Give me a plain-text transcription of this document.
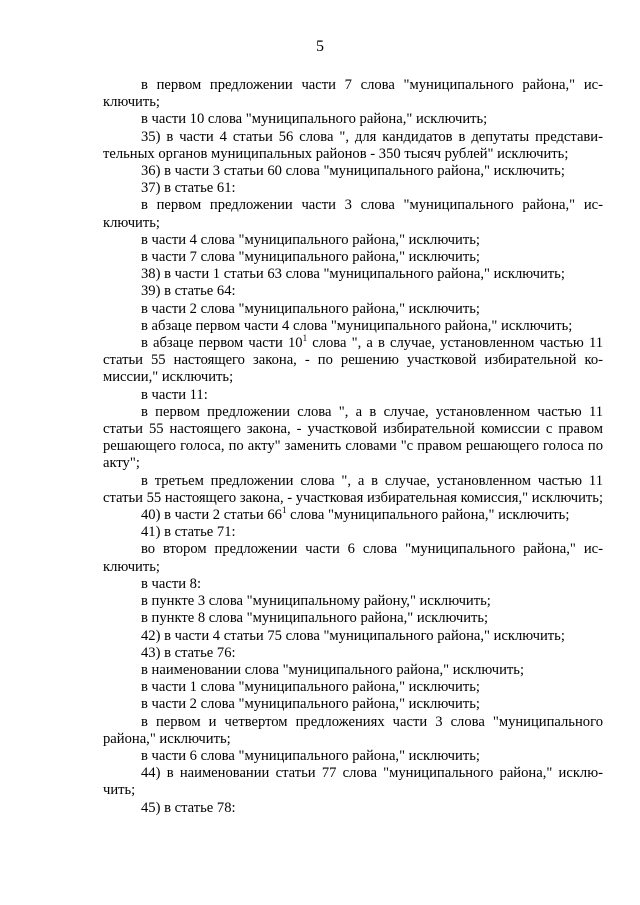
5

в первом предложении части 7 слова "муниципального района," исключить;

в части 10 слова "муниципального района," исключить;

35) в части 4 статьи 56 слова ", для кандидатов в депутаты представительных органов муниципальных районов - 350 тысяч рублей" исключить;

36) в части 3 статьи 60 слова "муниципального района," исключить;

37) в статье 61:

в первом предложении части 3 слова "муниципального района," исключить;

в части 4 слова "муниципального района," исключить;

в части 7 слова "муниципального района," исключить;

38) в части 1 статьи 63 слова "муниципального района," исключить;

39) в статье 64:

в части 2 слова "муниципального района," исключить;

в абзаце первом части 4 слова "муниципального района," исключить;

в абзаце первом части $10^1$ слова ", а в случае, установленном частью 11 статьи 55 настоящего закона, - по решению участковой избирательной комиссии," исключить;

в части 11:

в первом предложении слова ", а в случае, установленном частью 11 статьи 55 настоящего закона, - участковой избирательной комиссии с правом решающего голоса, по акту" заменить словами "с правом решающего голоса по акту";

в третьем предложении слова ", а в случае, установленном частью 11 статьи 55 настоящего закона, - участковая избирательная комиссия," исключить;

40) в части 2 статьи $66^1$ слова "муниципального района," исключить;

41) в статье 71:

во втором предложении части 6 слова "муниципального района," исключить;

в части 8:

в пункте 3 слова "муниципальному району," исключить;

в пункте 8 слова "муниципального района," исключить;

42) в части 4 статьи 75 слова "муниципального района," исключить;

43) в статье 76:

в наименовании слова "муниципального района," исключить;

в части 1 слова "муниципального района," исключить;

в части 2 слова "муниципального района," исключить;

в первом и четвертом предложениях части 3 слова "муниципального района," исключить;

в части 6 слова "муниципального района," исключить;

44) в наименовании статьи 77 слова "муниципального района," исключить;

45) в статье 78:
